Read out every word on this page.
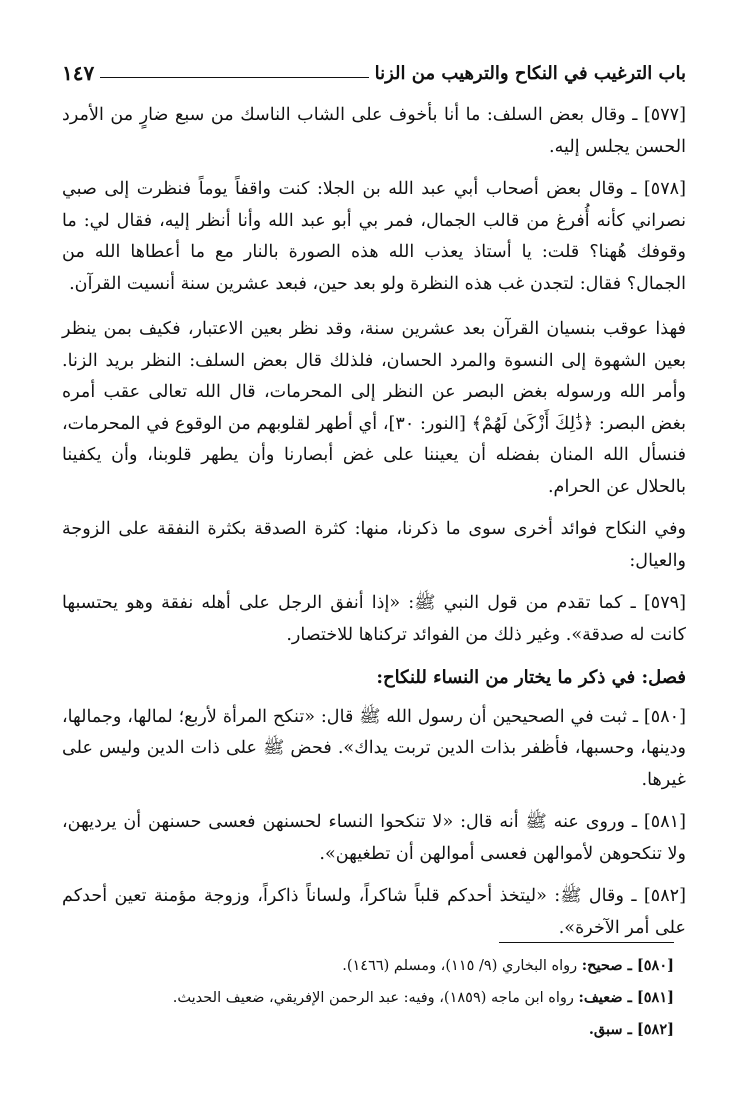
باب الترغيب في النكاح والترهيب من الزنا
١٤٧

[٥٧٧] ـ وقال بعض السلف: ما أنا بأخوف على الشاب الناسك من سبع ضارٍ من الأمرد الحسن يجلس إليه.

[٥٧٨] ـ وقال بعض أصحاب أبي عبد الله بن الجلا: كنت واقفاً يوماً فنظرت إلى صبي نصراني كأنه أُفرغ من قالب الجمال، فمر بي أبو عبد الله وأنا أنظر إليه، فقال لي: ما وقوفك هُهنا؟ قلت: يا أستاذ يعذب الله هذه الصورة بالنار مع ما أعطاها الله من الجمال؟ فقال: لتجدن غب هذه النظرة ولو بعد حين، فبعد عشرين سنة أنسيت القرآن.

فهذا عوقب بنسيان القرآن بعد عشرين سنة، وقد نظر بعين الاعتبار، فكيف بمن ينظر بعين الشهوة إلى النسوة والمرد الحسان، فلذلك قال بعض السلف: النظر بريد الزنا. وأمر الله ورسوله بغض البصر عن النظر إلى المحرمات، قال الله تعالى عقب أمره بغض البصر: ﴿ذَٰلِكَ أَزْكَىٰ لَهُمْ﴾ [النور: ٣٠]، أي أطهر لقلوبهم من الوقوع في المحرمات، فنسأل الله المنان بفضله أن يعيننا على غض أبصارنا وأن يطهر قلوبنا، وأن يكفينا بالحلال عن الحرام.

وفي النكاح فوائد أخرى سوى ما ذكرنا، منها: كثرة الصدقة بكثرة النفقة على الزوجة والعيال:

[٥٧٩] ـ كما تقدم من قول النبي ﷺ: «إذا أنفق الرجل على أهله نفقة وهو يحتسبها كانت له صدقة». وغير ذلك من الفوائد تركناها للاختصار.

فصل: في ذكر ما يختار من النساء للنكاح:

[٥٨٠] ـ ثبت في الصحيحين أن رسول الله ﷺ قال: «تنكح المرأة لأربع؛ لمالها، وجمالها، ودينها، وحسبها، فأظفر بذات الدين تربت يداك». فحض ﷺ على ذات الدين وليس على غيرها.

[٥٨١] ـ وروى عنه ﷺ أنه قال: «لا تنكحوا النساء لحسنهن فعسى حسنهن أن يرديهن، ولا تنكحوهن لأموالهن فعسى أموالهن أن تطغيهن».

[٥٨٢] ـ وقال ﷺ: «ليتخذ أحدكم قلباً شاكراً، ولساناً ذاكراً، وزوجة مؤمنة تعين أحدكم على أمر الآخرة».

[٥٨٠] ـ صحيح: رواه البخاري (٩/ ١١٥)، ومسلم (١٤٦٦).

[٥٨١] ـ ضعيف: رواه ابن ماجه (١٨٥٩)، وفيه: عبد الرحمن الإفريقي، ضعيف الحديث.

[٥٨٢] ـ سبق.
